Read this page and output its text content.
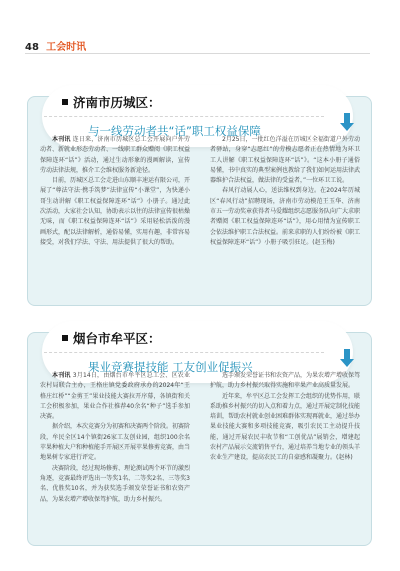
48 工会时讯
济南市历城区：
与一线劳动者共“话”职工权益保障

本刊讯 连日来，济南市历城区总工会开展向户外劳动者、新就业形态劳动者、一线职工群众赠阅《职工权益保障连环“话”》活动，通过生动形象的漫画解读，宣传劳动法律法规，推介工会维权服务新途径。

目前，历城区总工会走进山东顺丰速运有限公司，开展了“尊法守法·携手筑梦”法律宣传“小课堂”，为快递小哥生动讲解《职工权益保障连环“话”》小册子。通过此次活动，大家社会认知，协助表示以往的法律宣传很枯燥无味，而《职工权益保障连环“话”》采用轻松活泼的漫画形式，配以法律解析，通俗易懂，实用有趣，非常容易接受，对我们学法、守法、用法提供了很大的帮助。

2月25日，一批红色洋溢在历城区全福街道户外劳动者驿站，身穿“志愿红”的劳模志愿者正在热情地为环卫工人讲解《职工权益保障连环“话”》。“这本小册子通俗易懂，书中真实的典型案例也教给了我们如何运用法律武器维护合法权益，做法律的受益者，”一位环卫工说。

春风行动展人心，送法维权到身边。在2024年历城区“春风行动”招聘现场，济南市劳动模范王玉华、济南市五一劳动奖章获得者马爱耀组织志愿服务队向广大求职者赠阅《职工权益保障连环“话”》，用心用情为宣传职工会依法维护职工合法权益。前来求职的人们纷纷被《职工权益保障连环“话”》小册子吸引驻足。(赵玉梅)

烟台市牟平区：
果业竞赛提技能 工友创业促振兴

本刊讯 3月14日，由烟台市牟平区总工会、区农业农村局联合主办，王格庄镇党委政府承办的2024年“王格庄红桥”“金剪王”果业技能大赛拉开序幕，各镇街和关工会积极参加，果业合作社推荐40余名“种子”选手参加决赛。

据介绍，本次竞赛分为初赛和决赛两个阶段。初赛阶段，牟民全区14个镇街26家工友创业园，组织100余名苹果种植大户和种植能手开展区开展苹果修剪竞赛，由当地果树专家进行评定。

决赛阶段，经过现场修剪、理论测试两个环节的激烈角逐，竞赛最终评选出一等奖1名、二等奖2名、三等奖3名、优胜奖10名，并为获奖选手颁发荣誉证书和农资产品，为果农增产增收保驾护航，助力乡村振兴。

选手颁发荣誉证书和农资产品，为果农增产增收保驾护航，助力乡村振兴取得实施和苹果产业高质量发展。

近年来，牟平区总工会发挥工会组织的优势作用，联系助推乡村振兴的切入点和着力点，通过开展定制化技能培训，帮助农村就业创业困难群体实现再就业，通过举办果业技能大赛和多项技能竞赛，吸引农民工主动提升技能，通过开展农民丰收节和“工创优品”展销会，增建起农村产品展示交流销售平台，通过培养当地专业的领头羊农业生产建设，提高农民工的自豪感和凝聚力。(赵林)
